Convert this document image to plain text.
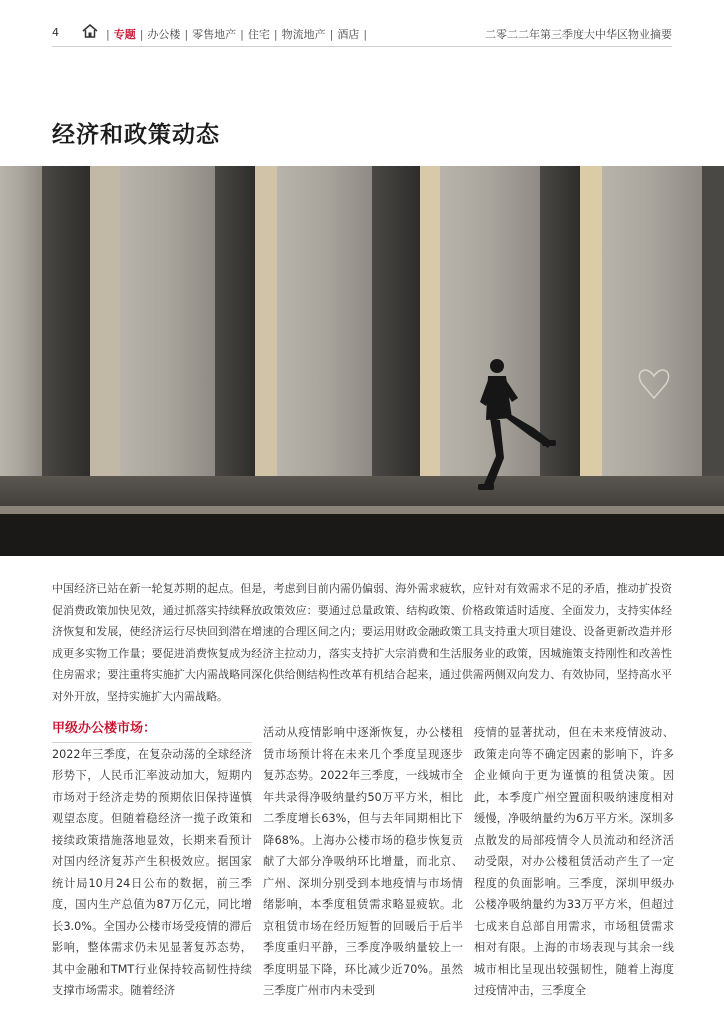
4	| 专题 | 办公楼 | 零售地产 | 住宅 | 物流地产 | 酒店 |	二零二二年第三季度大中华区物业摘要
经济和政策动态

中国经济已站在新一轮复苏期的起点。但是，考虑到目前内需仍偏弱、海外需求疲软，应针对有效需求不足的矛盾，推动扩投资促消费政策加快见效，通过抓落实持续释放政策效应：要通过总量政策、结构政策、价格政策适时适度、全面发力，支持实体经济恢复和发展，使经济运行尽快回到潜在增速的合理区间之内；要运用财政金融政策工具支持重大项目建设、设备更新改造并形成更多实物工作量；要促进消费恢复成为经济主拉动力，落实支持扩大宗消费和生活服务业的政策，因城施策支持刚性和改善性住房需求；要注重将实施扩大内需战略同深化供给侧结构性改革有机结合起来，通过供需两侧双向发力、有效协同，坚持高水平对外开放，坚持实施扩大内需战略。

甲级办公楼市场：
2022年三季度，在复杂动荡的全球经济形势下，人民币汇率波动加大，短期内市场对于经济走势的预期依旧保持谨慎观望态度。但随着稳经济一揽子政策和接续政策措施落地显效，长期来看预计对国内经济复苏产生积极效应。据国家统计局10月24日公布的数据，前三季度，国内生产总值为87万亿元，同比增长3.0%。全国办公楼市场受疫情的滞后影响，整体需求仍未见显著复苏态势，其中金融和TMT行业保持较高韧性持续支撑市场需求。随着经济
活动从疫情影响中逐渐恢复，办公楼租赁市场预计将在未来几个季度呈现逐步复苏态势。2022年三季度，一线城市全年共录得净吸纳量约50万平方米，相比二季度增长63%，但与去年同期相比下降68%。上海办公楼市场的稳步恢复贡献了大部分净吸纳环比增量，而北京、广州、深圳分别受到本地疫情与市场情绪影响，本季度租赁需求略显疲软。北京租赁市场在经历短暂的回暖后于后半季度重归平静，三季度净吸纳量较上一季度明显下降，环比减少近70%。虽然三季度广州市内未受到
疫情的显著扰动，但在未来疫情波动、政策走向等不确定因素的影响下，许多企业倾向于更为谨慎的租赁决策。因此，本季度广州空置面积吸纳速度相对缓慢，净吸纳量约为6万平方米。深圳多点散发的局部疫情令人员流动和经济活动受限，对办公楼租赁活动产生了一定程度的负面影响。三季度，深圳甲级办公楼净吸纳量约为33万平方米，但超过七成来自总部自用需求，市场租赁需求相对有限。上海的市场表现与其余一线城市相比呈现出较强韧性，随着上海度过疫情冲击，三季度全
